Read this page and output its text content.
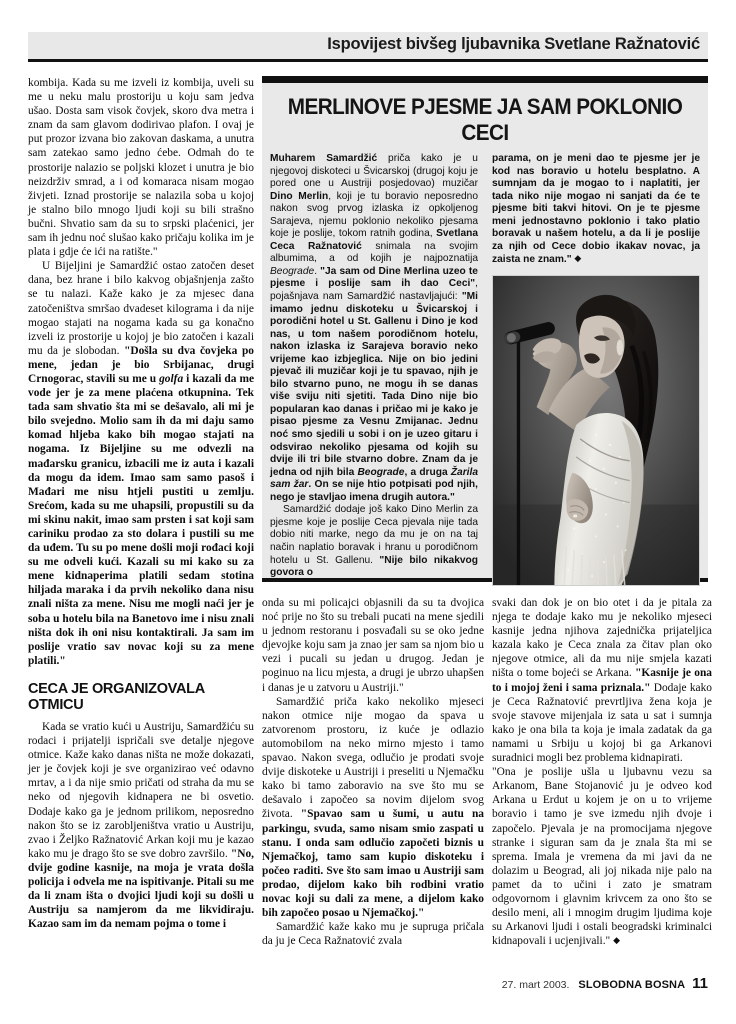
Ispovijest bivšeg ljubavnika Svetlane Ražnatović

kombija. Kada su me izveli iz kombija, uveli su me u neku malu prostoriju u koju sam jedva ušao. Dosta sam visok čovjek, skoro dva metra i znam da sam glavom dodirivao plafon. I ovaj je put prozor izvana bio zakovan daskama, a unutra sam zatekao samo jedno ćebe. Odmah do te prostorije nalazio se poljski klozet i unutra je bio neizdrživ smrad, a i od komaraca nisam mogao živjeti. Iznad prostorije se nalazila soba u kojoj je stalno bilo mnogo ljudi koji su bili strašno bučni. Shvatio sam da su to srpski plaćenici, jer sam ih jednu noć slušao kako pričaju kolika im je plata i gdje će ići na ratište."

U Bijeljini je Samardžić ostao zatočen deset dana, bez hrane i bilo kakvog objašnjenja zašto se tu nalazi. Kaže kako je za mjesec dana zatočeništva smršao dvadeset kilograma i da nije mogao stajati na nogama kada su ga konačno izveli iz prostorije u kojoj je bio zatočen i kazali mu da je slobodan. "Došla su dva čovjeka po mene, jedan je bio Srbijanac, drugi Crnogorac, stavili su me u golfa i kazali da me vode jer je za mene plaćena otkupnina. Tek tada sam shvatio šta mi se dešavalo, ali mi je bilo svejedno. Molio sam ih da mi daju samo komad hljeba kako bih mogao stajati na nogama. Iz Bijeljine su me odvezli na mađarsku granicu, izbacili me iz auta i kazali da mogu da idem. Imao sam samo pasoš i Mađari me nisu htjeli pustiti u zemlju. Srećom, kada su me uhapsili, propustili su da mi skinu nakit, imao sam prsten i sat koji sam cariniku prodao za sto dolara i pustili su me da uđem. Tu su po mene došli moji rođaci koji su me odveli kući. Kazali su mi kako su za mene kidnaperima platili sedam stotina hiljada maraka i da prvih nekoliko dana nisu znali ništa za mene. Nisu me mogli naći jer je soba u hotelu bila na Banetovo ime i nisu znali ništa dok ih oni nisu kontaktirali. Ja sam im poslije vratio sav novac koji su za mene platili."

CECA JE ORGANIZOVALA OTMICU

Kada se vratio kući u Austriju, Samardžiću su rodaci i prijatelji ispričali sve detalje njegove otmice. Kaže kako danas ništa ne može dokazati, jer je čovjek koji je sve organizirao već odavno mrtav, a i da nije smio pričati od straha da mu se neko od njegovih kidnapera ne bi osvetio. Dodaje kako ga je jednom prilikom, neposredno nakon što se iz zarobljeništva vratio u Austriju, zvao i Željko Ražnatović Arkan koji mu je kazao kako mu je drago što se sve dobro završilo. "No, dvije godine kasnije, na moja je vrata došla policija i odvela me na ispitivanje. Pitali su me da li znam išta o dvojici ljudi koji su došli u Austriju sa namjerom da me likvidiraju. Kazao sam im da nemam pojma o tome i

MERLINOVE PJESME JA SAM POKLONIO CECI

Muharem Samardžić priča kako je u njegovoj diskoteci u Švicarskoj (drugoj koju je pored one u Austriji posjedovao) muzičar Dino Merlin, koji je tu boravio neposredno nakon svog prvog izlaska iz opkoljenog Sarajeva, njemu poklonio nekoliko pjesama koje je poslije, tokom ratnih godina, Svetlana Ceca Ražnatović snimala na svojim albumima, a od kojih je najpoznatija Beograde. "Ja sam od Dine Merlina uzeo te pjesme i poslije sam ih dao Ceci", pojašnjava nam Samardžić nastavljajući: "Mi imamo jednu diskoteku u Švicarskoj i porodični hotel u St. Gallenu i Dino je kod nas, u tom našem porodičnom hotelu, nakon izlaska iz Sarajeva boravio neko vrijeme kao izbjeglica. Nije on bio jedini pjevač ili muzičar koji je tu spavao, njih je bilo stvarno puno, ne mogu ih se danas više sviju niti sjetiti. Tada Dino nije bio popularan kao danas i pričao mi je kako je pisao pjesme za Vesnu Zmijanac. Jednu noć smo sjedili u sobi i on je uzeo gitaru i odsvirao nekoliko pjesama od kojih su dvije ili tri bile stvarno dobre. Znam da je jedna od njih bila Beograde, a druga Žarila sam žar. On se nije htio potpisati pod njih, nego je stavljao imena drugih autora."

Samardžić dodaje još kako Dino Merlin za pjesme koje je poslije Ceca pjevala nije tada dobio niti marke, nego da mu je on na taj način naplatio boravak i hranu u porodičnom hotelu u St. Gallenu. "Nije bilo nikakvog govora o

parama, on je meni dao te pjesme jer je kod nas boravio u hotelu besplatno. A sumnjam da je mogao to i naplatiti, jer tada niko nije mogao ni sanjati da će te pjesme biti takvi hitovi. On je te pjesme meni jednostavno poklonio i tako platio boravak u našem hotelu, a da li je poslije za njih od Cece dobio ikakav novac, ja zaista ne znam." ◆

onda su mi policajci objasnili da su ta dvojica noć prije no što su trebali pucati na mene sjedili u jednom restoranu i posvađali su se oko jedne djevojke koju sam ja znao jer sam sa njom bio u vezi i pucali su jedan u drugog. Jedan je poginuo na licu mjesta, a drugi je ubrzo uhapšen i danas je u zatvoru u Austriji."

Samardžić priča kako nekoliko mjeseci nakon otmice nije mogao da spava u zatvorenom prostoru, iz kuće je odlazio automobilom na neko mirno mjesto i tamo spavao. Nakon svega, odlučio je prodati svoje dvije diskoteke u Austriji i preseliti u Njemačku kako bi tamo zaboravio na sve što mu se dešavalo i započeo sa novim dijelom svog života. "Spavao sam u šumi, u autu na parkingu, svuda, samo nisam smio zaspati u stanu. I onda sam odlučio započeti biznis u Njemačkoj, tamo sam kupio diskoteku i počeo raditi. Sve što sam imao u Austriji sam prodao, dijelom kako bih rodbini vratio novac koji su dali za mene, a dijelom kako bih započeo posao u Njemačkoj."

Samardžić kaže kako mu je supruga pričala da ju je Ceca Ražnatović zvala

svaki dan dok je on bio otet i da je pitala za njega te dodaje kako mu je nekoliko mjeseci kasnije jedna njihova zajednička prijateljica kazala kako je Ceca znala za čitav plan oko njegove otmice, ali da mu nije smjela kazati ništa o tome bojeći se Arkana. "Kasnije je ona to i mojoj ženi i sama priznala." Dodaje kako je Ceca Ražnatović prevrtljiva žena koja je svoje stavove mijenjala iz sata u sat i sumnja kako je ona bila ta koja je imala zadatak da ga namami u Srbiju u kojoj bi ga Arkanovi suradnici mogli bez problema kidnapirati.

"Ona je poslije ušla u ljubavnu vezu sa Arkanom, Bane Stojanović ju je odveo kod Arkana u Erdut u kojem je on u to vrijeme boravio i tamo je sve izmedu njih dvoje i započelo. Pjevala je na promocijama njegove stranke i siguran sam da je znala šta mi se sprema. Imala je vremena da mi javi da ne dolazim u Beograd, ali joj nikada nije palo na pamet da to učini i zato je smatram odgovornom i glavnim krivcem za ono što se desilo meni, ali i mnogim drugim ljudima koje su Arkanovi ljudi i ostali beogradski kriminalci kidnapovali i ucjenjivali." ◆

27. mart 2003. SLOBODNA BOSNA 11
